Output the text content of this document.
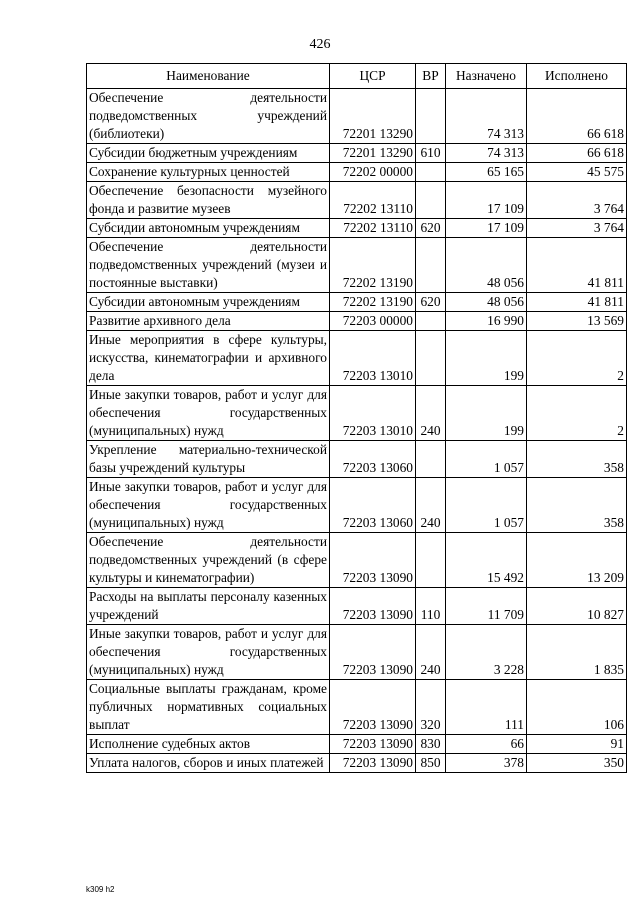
426
Наименование	ЦСР	ВР	Назначено	Исполнено
Обеспечение деятельности подведомственных учреждений (библиотеки)	72201 13290		74 313	66 618
Субсидии бюджетным учреждениям	72201 13290	610	74 313	66 618
Сохранение культурных ценностей	72202 00000		65 165	45 575
Обеспечение безопасности музейного фонда и развитие музеев	72202 13110		17 109	3 764
Субсидии автономным учреждениям	72202 13110	620	17 109	3 764
Обеспечение деятельности подведомственных учреждений (музеи и постоянные выставки)	72202 13190		48 056	41 811
Субсидии автономным учреждениям	72202 13190	620	48 056	41 811
Развитие архивного дела	72203 00000		16 990	13 569
Иные мероприятия в сфере культуры, искусства, кинематографии и архивного дела	72203 13010		199	2
Иные закупки товаров, работ и услуг для обеспечения государственных (муниципальных) нужд	72203 13010	240	199	2
Укрепление материально-технической базы учреждений культуры	72203 13060		1 057	358
Иные закупки товаров, работ и услуг для обеспечения государственных (муниципальных) нужд	72203 13060	240	1 057	358
Обеспечение деятельности подведомственных учреждений (в сфере культуры и кинематографии)	72203 13090		15 492	13 209
Расходы на выплаты персоналу казенных учреждений	72203 13090	110	11 709	10 827
Иные закупки товаров, работ и услуг для обеспечения государственных (муниципальных) нужд	72203 13090	240	3 228	1 835
Социальные выплаты гражданам, кроме публичных нормативных социальных выплат	72203 13090	320	111	106
Исполнение судебных актов	72203 13090	830	66	91
Уплата налогов, сборов и иных платежей	72203 13090	850	378	350
k309 h2
